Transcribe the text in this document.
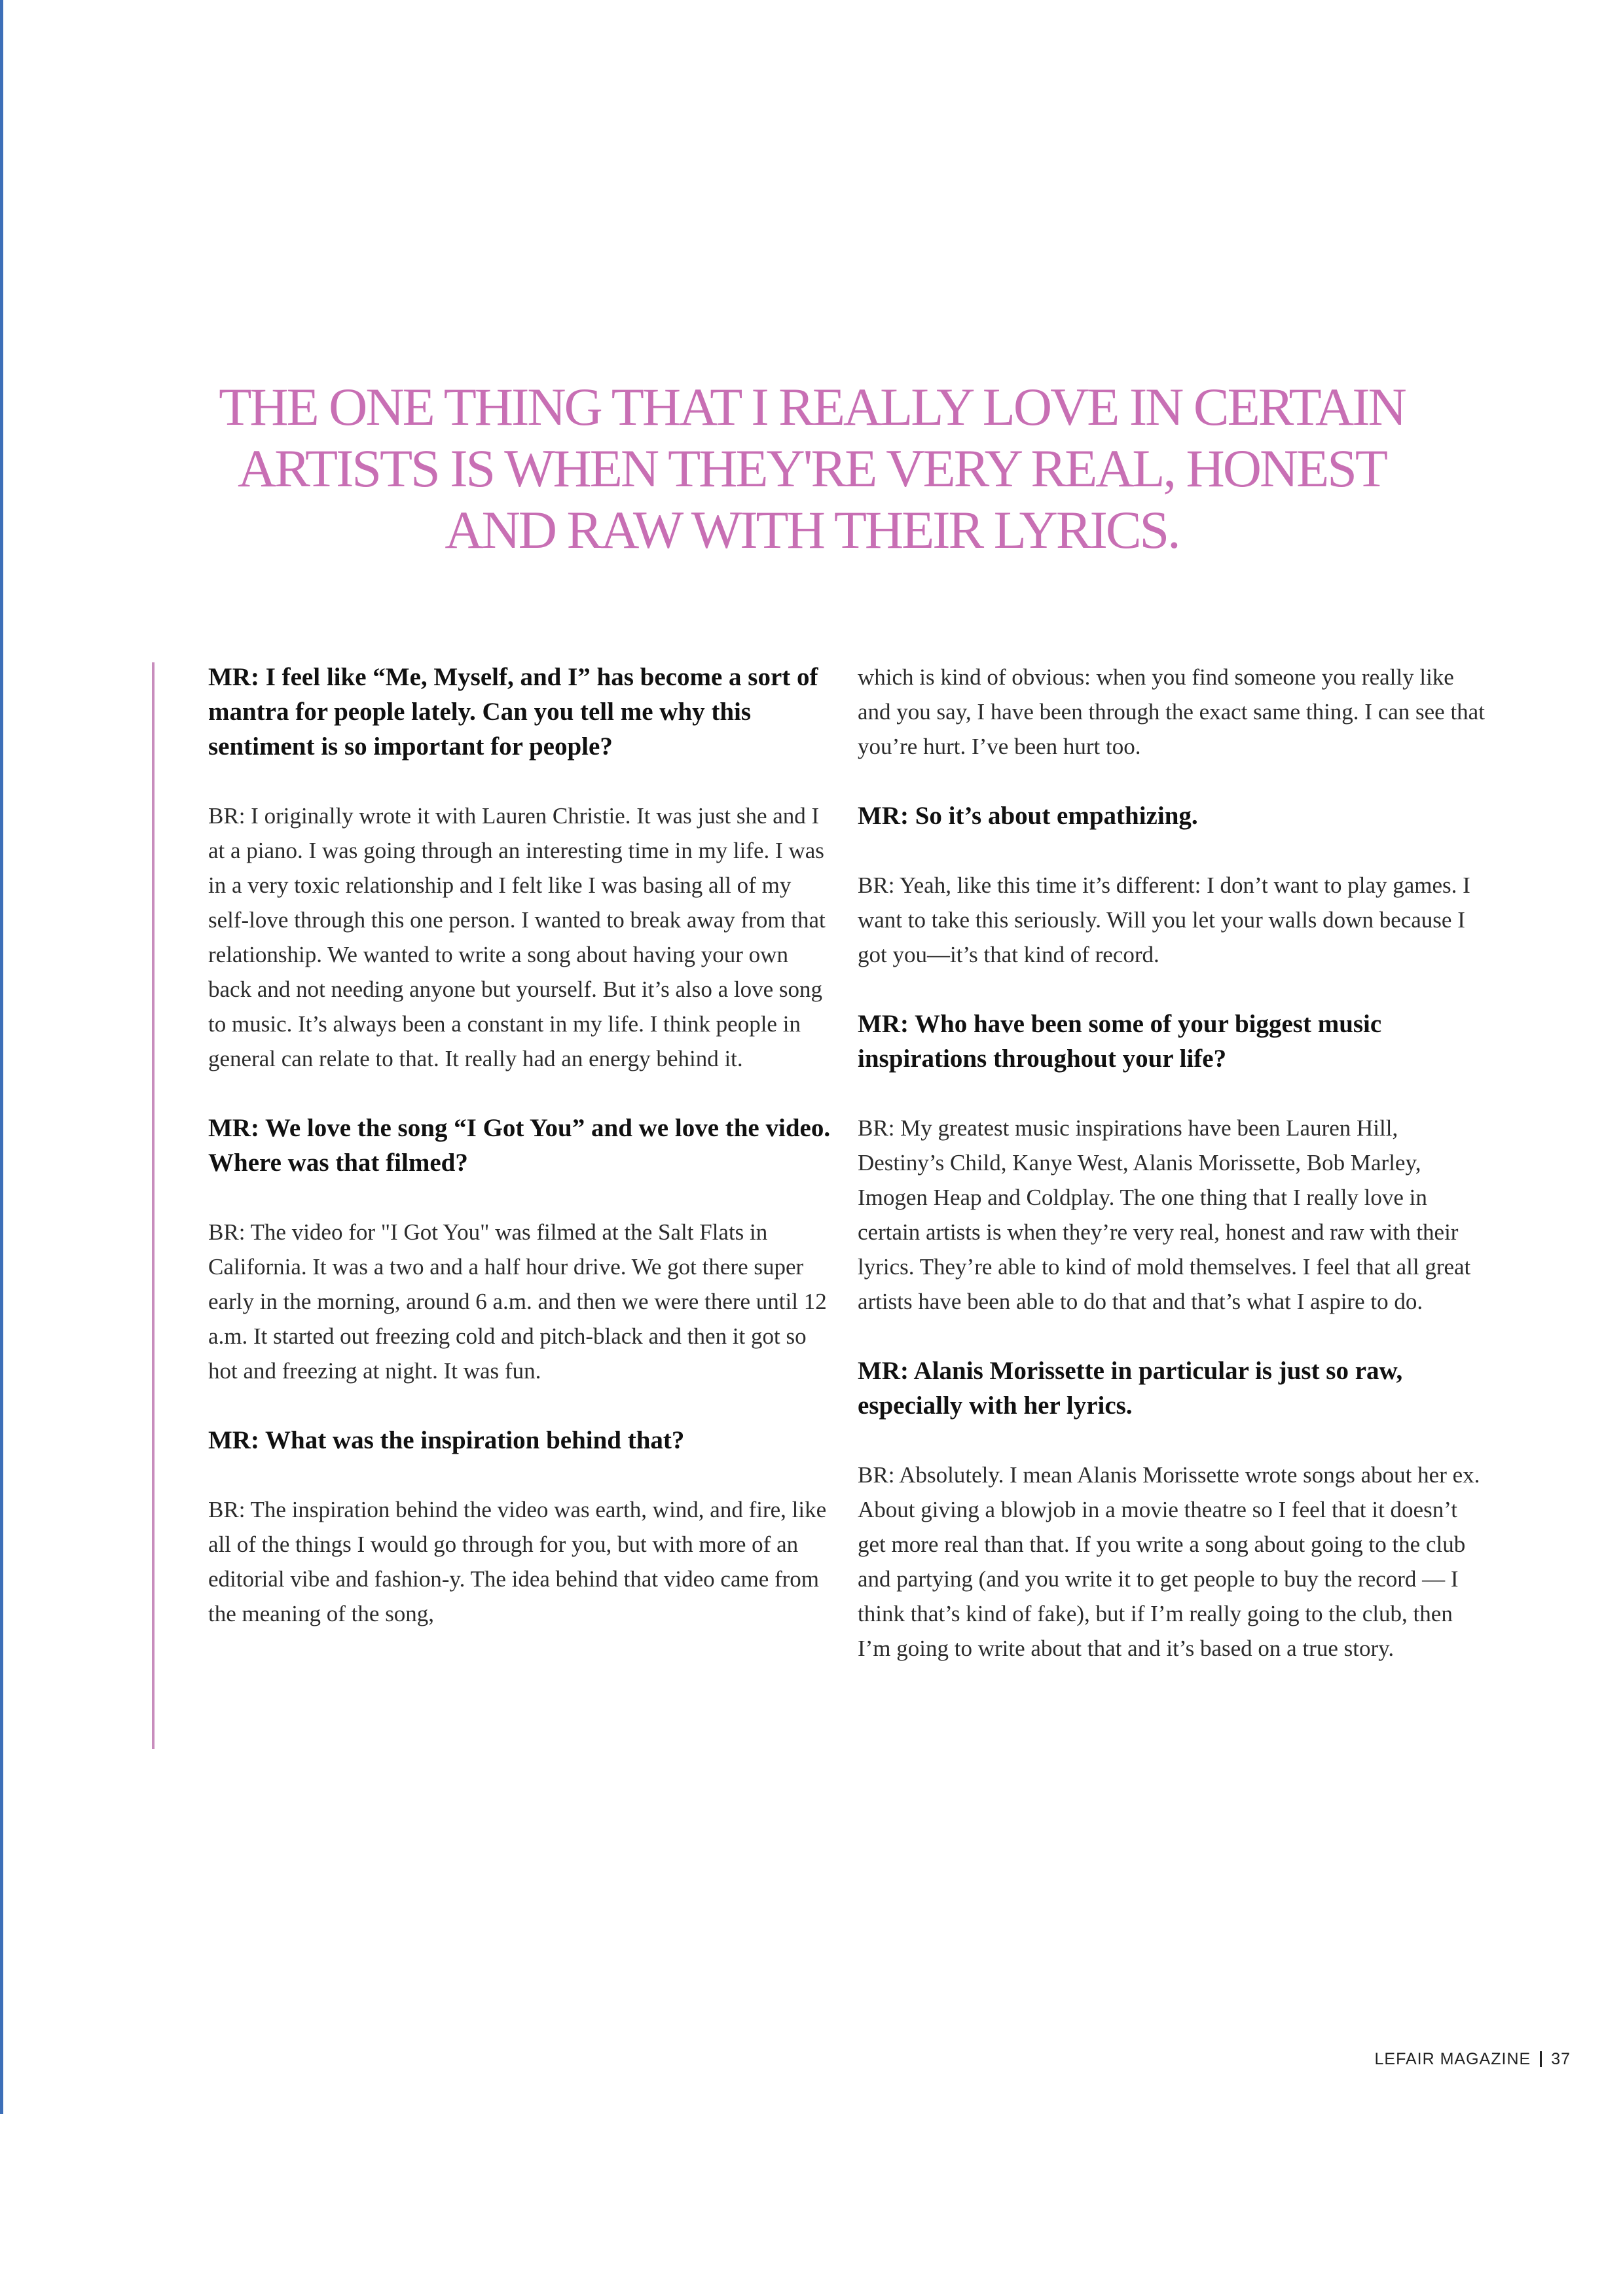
THE ONE THING THAT I REALLY LOVE IN CERTAIN ARTISTS IS WHEN THEY'RE VERY REAL, HONEST AND RAW WITH THEIR LYRICS.

MR: I feel like “Me, Myself, and I” has become a sort of mantra for people lately. Can you tell me why this sentiment is so important for people?

BR: I originally wrote it with Lauren Christie. It was just she and I at a piano. I was going through an interesting time in my life. I was in a very toxic relationship and I felt like I was basing all of my self-love through this one person. I wanted to break away from that relationship. We wanted to write a song about having your own back and not needing anyone but yourself. But it’s also a love song to music. It’s always been a constant in my life. I think people in general can relate to that. It really had an energy behind it.

MR: We love the song “I Got You” and we love the video. Where was that filmed?

BR: The video for "I Got You" was filmed at the Salt Flats in California. It was a two and a half hour drive. We got there super early in the morning, around 6 a.m. and then we were there until 12 a.m. It started out freezing cold and pitch-black and then it got so hot and freezing at night. It was fun.

MR: What was the inspiration behind that?

BR: The inspiration behind the video was earth, wind, and fire, like all of the things I would go through for you, but with more of an editorial vibe and fashion-y. The idea behind that video came from the meaning of the song,

which is kind of obvious: when you find someone you really like and you say, I have been through the exact same thing. I can see that you’re hurt. I’ve been hurt too.

MR: So it’s about empathizing.

BR: Yeah, like this time it’s different: I don’t want to play games. I want to take this seriously. Will you let your walls down because I got you—it’s that kind of record.

MR: Who have been some of your biggest music inspirations throughout your life?

BR: My greatest music inspirations have been Lauren Hill, Destiny’s Child, Kanye West, Alanis Morissette, Bob Marley, Imogen Heap and Coldplay. The one thing that I really love in certain artists is when they’re very real, honest and raw with their lyrics. They’re able to kind of mold themselves. I feel that all great artists have been able to do that and that’s what I aspire to do.

MR: Alanis Morissette in particular is just so raw, especially with her lyrics.

BR: Absolutely. I mean Alanis Morissette wrote songs about her ex. About giving a blowjob in a movie theatre so I feel that it doesn’t get more real than that. If you write a song about going to the club and partying (and you write it to get people to buy the record — I think that’s kind of fake), but if I’m really going to the club, then I’m going to write about that and it’s based on a true story.

LEFAIR MAGAZINE 37
